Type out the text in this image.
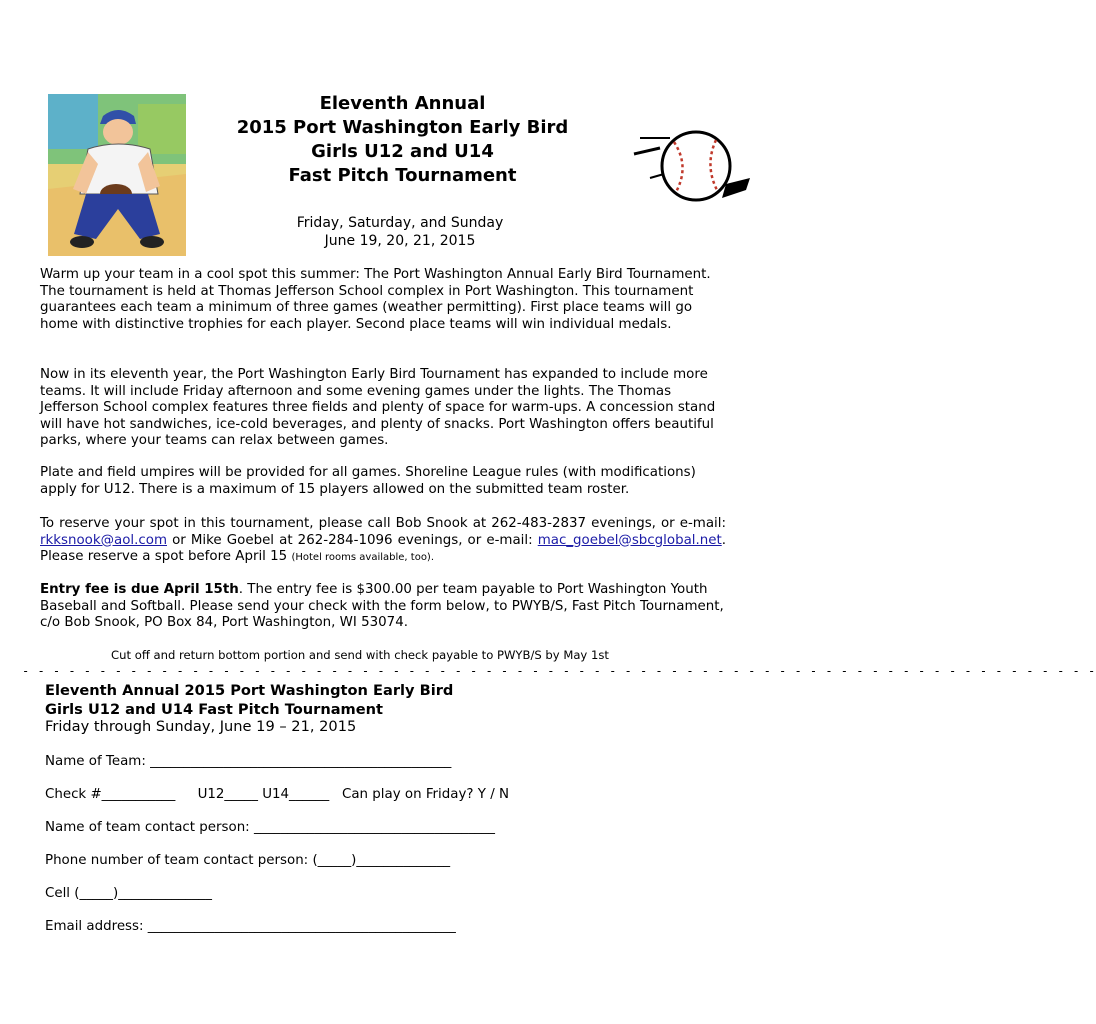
Eleventh Annual
2015 Port Washington Early Bird
Girls U12 and U14
Fast Pitch Tournament
Friday, Saturday, and Sunday
June 19, 20, 21, 2015

Warm up your team in a cool spot this summer: The Port Washington Annual Early Bird Tournament. The tournament is held at Thomas Jefferson School complex in Port Washington. This tournament guarantees each team a minimum of three games (weather permitting). First place teams will go home with distinctive trophies for each player. Second place teams will win individual medals.

Now in its eleventh year, the Port Washington Early Bird Tournament has expanded to include more teams. It will include Friday afternoon and some evening games under the lights. The Thomas Jefferson School complex features three fields and plenty of space for warm-ups. A concession stand will have hot sandwiches, ice-cold beverages, and plenty of snacks. Port Washington offers beautiful parks, where your teams can relax between games.

Plate and field umpires will be provided for all games. Shoreline League rules (with modifications) apply for U12. There is a maximum of 15 players allowed on the submitted team roster.

To reserve your spot in this tournament, please call Bob Snook at 262-483-2837 evenings, or e-mail: rkksnook@aol.com or Mike Goebel at 262-284-1096 evenings, or e-mail: mac_goebel@sbcglobal.net. Please reserve a spot before April 15 (Hotel rooms available, too).

Entry fee is due April 15th. The entry fee is $300.00 per team payable to Port Washington Youth Baseball and Softball. Please send your check with the form below, to PWYB/S, Fast Pitch Tournament, c/o Bob Snook, PO Box 84, Port Washington, WI 53074.

Cut off and return bottom portion and send with check payable to PWYB/S by May 1st
- - - - - - - - - - - - - - - - - - - - - - - - - - - - - - - - - - - - - - - - - - - - - - - - - - - - - - - - - - - - - - - - - - - - - -
Eleventh Annual 2015 Port Washington Early Bird
Girls U12 and U14 Fast Pitch Tournament
Friday through Sunday, June 19 – 21, 2015
Name of Team: _____________________________________________
Check #___________ U12_____ U14______ Can play on Friday? Y / N
Name of team contact person: ____________________________________
Phone number of team contact person: (_____)______________
Cell (_____)______________
Email address: ______________________________________________
